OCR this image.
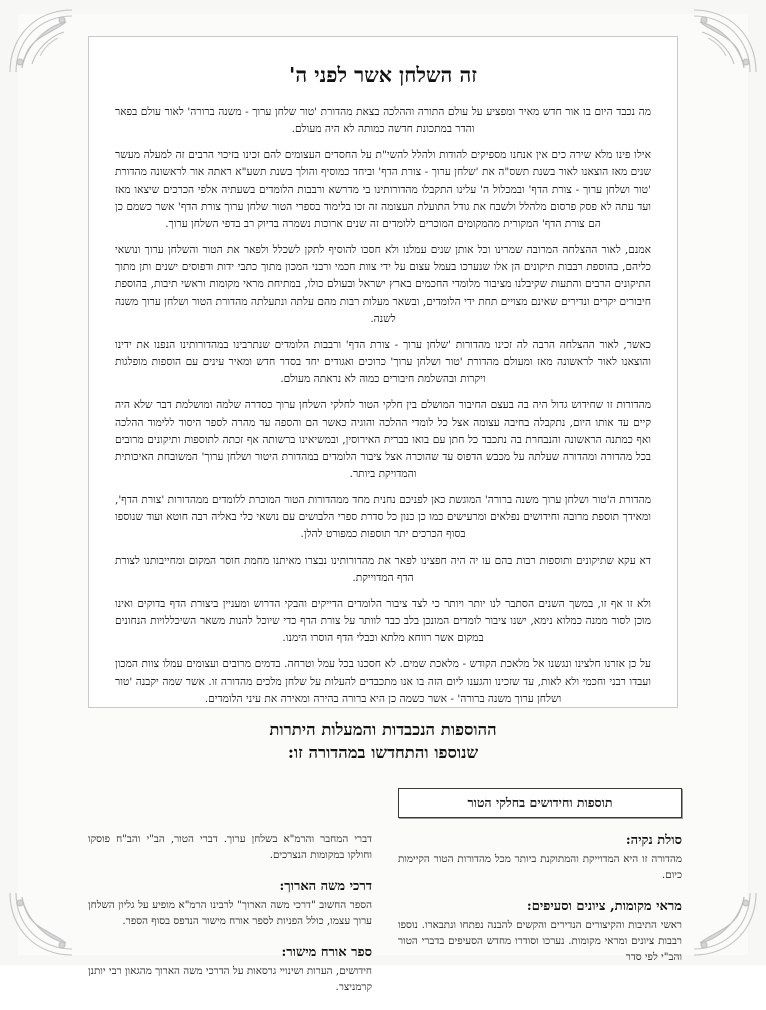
זה השלחן אשר לפני ה'

מה נכבד היום בו אור חדש מאיר ומפציע על עולם התורה וההלכה בצאת מהדורת 'טור שלחן ערוך - משנה ברורה' לאור עולם בפאר והדר במתכונת חדשה כמותה לא היה מעולם.

אילו פינו מלא שירה כים אין אנחנו מספיקים להודות ולהלל להשי"ת על החסדים העצומים להם זכינו בזיכוי הרבים זה למעלה מעשר שנים מאז הוצאנו לאור בשנת תשס"ה את 'שלחן ערוך - צורת הדף' וביחד כמוסיף והולך בשנת תשע"א ראתה אור לראשונה מהדורת 'טור ושלחן ערוך - צורת הדף' ובמכלול ה' עלינו התקבלו מהדורותינו בי מדרשא ורבבות הלומדים בשעתיה אלפי הכרכים שיצאו מאז ועד עתה לא פסק פרסום מלהלל ולשבח את גודל התועלת העצומה זה זכו בלימוד בספרי הטור שלחן ערוך צורת הדף' אשר כשמם כן הם צורת הדף' המקורית מהמקומים המוכרים ללומדים זה שנים ארוכות נשמרה בדיוק רב בדפי השלחן ערוך.

אמנם, לאור ההצלחה המרובה שמרינו וכל אותן שנים עמלנו ולא חסכו להוסיף לתקן לשכלל ולפאר את הטור והשלחן ערוך ונושאי כליהם, בהוספת רבבות תיקונים הן אלו שנערכו בעמל עצום על ידי צוות חכמי ורבני המכון מתוך כתבי ידות ודפוסים ישנים ותן מתוך התיקונים הרבים והתעות שקיבלנו מציבור מלומדי החכמים בארץ ישראל ובעולם כולו, במתיחת מראי מקומות וראשי תיבות, בהוספת חיבורים יקרים ונדירים שאינם מצויים תחת ידי הלומדים, ובשאר מעלות רבות מהם עלתה ונתעלתה מהדורת הטור ושלחן ערוך משנה לשנה.

כאשר, לאור ההצלחה הרבה לה זכינו מהדורות 'שלחן ערוך - צורת הדף' ורבבות הלומדים שנתרבינו במהדורותינו הנפנו את ידינו והוצאנו לאור לראשונה מאז ומעולם מהדורת 'טור ושלחן ערוך' כרוכים ואגודים יחד בסדר חדש ומאיר עינים עם הוספות מופלגות ויקרות ובהשלמת חיבורים כמוה לא נראתה מעולם.

מהדורות זו שחידוש גדול היה בה בעצם החיבור המושלם בין חלקי הטור לחלקי השלחן ערוך כסדרה שלמה ומושלמת דבר שלא היה קיים עד אותו היום, נתקבלה בחיבה עצומה אצל כל לומדי ההלכה והוגיה כאשר הם והספה עד מהרה לספר היסוד ללימוד ההלכה ואף כמתנה הראשונה והנבחרת בה נתכבד כל חתן עם בואו בברית האירוסין, ובמשיאינו ברשותה אף זכתה לתוספות ותיקונים מרובים בכל מהדורה ומהדורה שעלתה על מכבש הדפוס עד שהוכרה אצל ציבור הלומדים במהדורת היטור ושלחן ערוך' המשובחת האיכותית והמדויקת ביותר.

מהדורת ה'טור ושלחן ערוך משנה ברורה' המוגשת כאן לפניכם נחנית מחד ממהדורות הטור המוכרת ללומדים ממהדורות 'צורת הדף', ומאידך תוספת מרובה וחידושים נפלאים ומרעישים כמו כן כנון כל סדרת ספרי הלבושים עם נושאי כלי באליה רבה חוטא ועוד שנוספו בסוף הכרכים יתר תוספות כמפורט להלן.

דא עקא שתיקונים ותוספות רבות בהם עו יה היה חפצינו לפאר את מהדורותינו נבצרו מאיתנו מחמת חוסר המקום ומחייבותנו לצורת הדף המדוייקת.

ולא זו אף זו, במשך השנים הסתבר לנו יותר ויותר כי לצד ציבור הלומדים הדייקים והבקי הדרוש ומעניין ביצורת הדף בדוקים ואינו מוכן לסור ממנה כמלוא נימא, ישנו ציבור לומדים המונכן בלב כבד לוותר על צורת הדף כדי שיוכל להנות משאר השיכללויות הנחונים במקום אשר רווחא מלתא וכבלי הדף הוסרו הימנו.

על כן אזרנו חלצינו ונגשנו אל מלאכת הקודש - מלאכת שמים. לא חסכנו בכל עמל וטרחה. בדמים מרובים ועצומים עמלו צוות המכון ועבדו רבני וחכמי ולא לאות, עד שזכינו והגענו ליום הזה בו אנו מתכבדים להעלות על שלחן מלכים מהדורה זו. אשר שמה יקבנה 'טור ושלחן ערוך משנה ברורה' - אשר כשמה כן היא ברורה בהירה ומאירה את עיני הלומדים.

ההוספות הנכבדות והמעלות היתרות
שנוספו והתחדשו במהדורה זו:
תוספות וחידושים בחלקי הטור
סולת נקיה:

מהדורה זו היא המדוייקת והמתוקנת ביותר מכל מהדורות הטור הקיימות כיום.

מראי מקומות, ציונים וסעיפים:

ראשי התיבות והקיצורים הנדירים והקשים להבנה נפתחו ונתבארו. נוספו רבבות ציונים ומראי מקומות. נערכו וסודרו מחדש הסעיפים בדברי הטור והב"י לפי סדר

דברי המחבר והרמ"א בשלחן ערוך. דברי הטור, הב"י והב"ח פוסקו וחולקו במקומות הנצרכים.

דרכי משה הארוך:

הספר החשוב "דרכי משה הארוך" לרבינו הרמ"א מופיע על גליון השלחן ערוך עצמו, כולל הפניות לספר אורח מישור הנדפס בסוף הספר.

ספר אורח מישור:

חידושים, הערות ושינויי גרסאות על הדרכי משה הארוך מהגאון רבי יותנן קרמניצר.
